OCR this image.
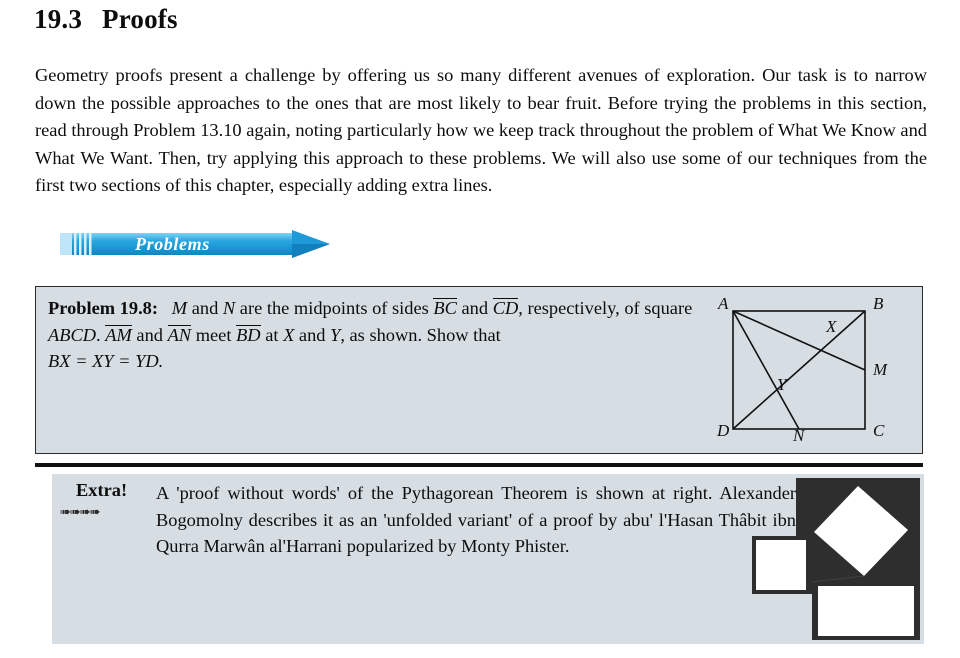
19.3 Proofs
Geometry proofs present a challenge by offering us so many different avenues of exploration. Our task is to narrow down the possible approaches to the ones that are most likely to bear fruit. Before trying the problems in this section, read through Problem 13.10 again, noting particularly how we keep track throughout the problem of What We Know and What We Want. Then, try applying this approach to these problems. We will also use some of our techniques from the first two sections of this chapter, especially adding extra lines.
Problems
Problem 19.8: M and N are the midpoints of sides BC and CD, respectively, of square ABCD. AM and AN meet BD at X and Y, as shown. Show that
BX = XY = YD.
A	B
C
D
M
N
X
Y
Extra!
➠➠➠➠
A 'proof without words' of the Pythagorean Theorem is shown at right. Alexander Bogomolny describes it as an 'unfolded variant' of a proof by abu' l'Hasan Thâbit ibn Qurra Marwân al'Harrani popularized by Monty Phister.
